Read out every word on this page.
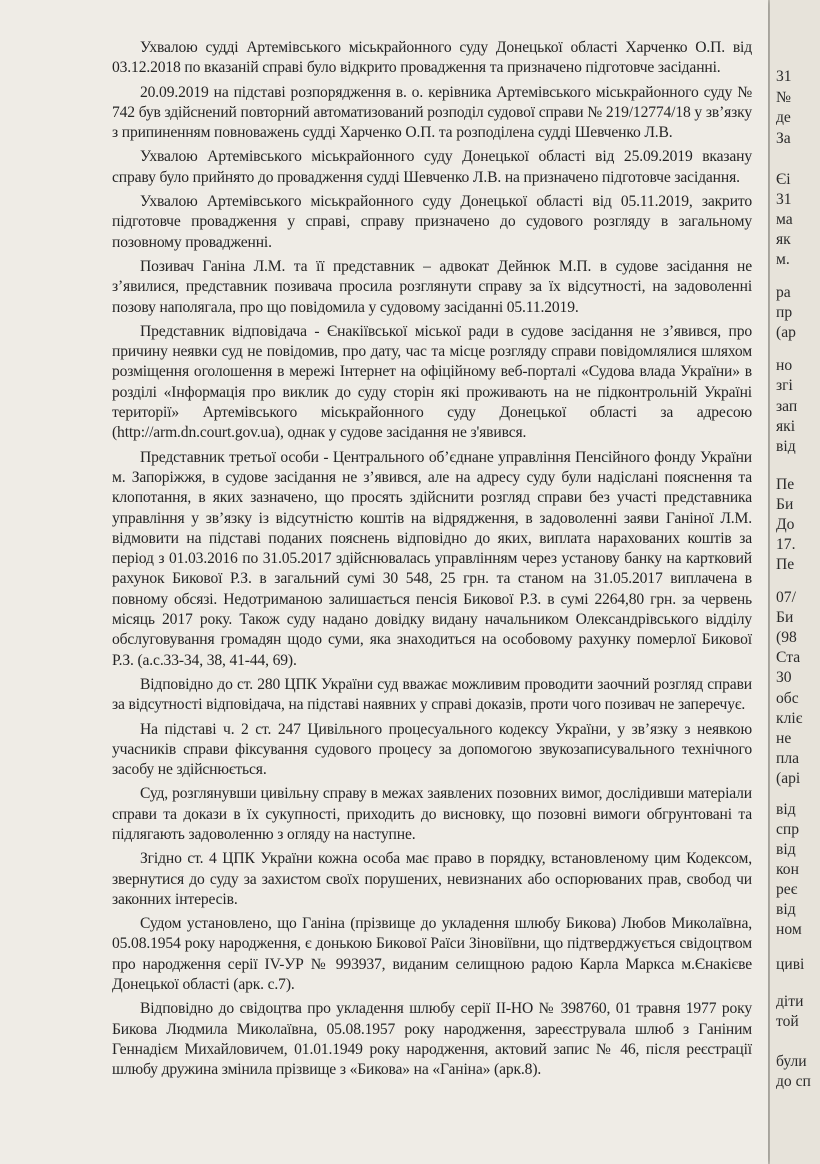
Ухвалою судді Артемівського міськрайонного суду Донецької області Харченко О.П. від 03.12.2018 по вказаній справі було відкрито провадження та призначено підготовче засіданні.

20.09.2019 на підставі розпорядження в. о. керівника Артемівського міськрайонного суду № 742 був здійснений повторний автоматизований розподіл судової справи № 219/12774/18 у зв’язку з припиненням повноважень судді Харченко О.П. та розподілена судді Шевченко Л.В.

Ухвалою Артемівського міськрайонного суду Донецької області від 25.09.2019 вказану справу було прийнято до провадження судді Шевченко Л.В. на призначено підготовче засідання.

Ухвалою Артемівського міськрайонного суду Донецької області від 05.11.2019, закрито підготовче провадження у справі, справу призначено до судового розгляду в загальному позовному провадженні.

Позивач Ганіна Л.М. та її представник – адвокат Дейнюк М.П. в судове засідання не з’явилися, представник позивача просила розглянути справу за їх відсутності, на задоволенні позову наполягала, про що повідомила у судовому засіданні 05.11.2019.

Представник відповідача - Єнакіївської міської ради в судове засідання не з’явився, про причину неявки суд не повідомив, про дату, час та місце розгляду справи повідомлялися шляхом розміщення оголошення в мережі Інтернет на офіційному веб-порталі «Судова влада України» в розділі «Інформація про виклик до суду сторін які проживають на не підконтрольній Україні території» Артемівського міськрайонного суду Донецької області за адресою (http://arm.dn.court.gov.ua), однак у судове засідання не з'явився.

Представник третьої особи - Центрального об’єднане управління Пенсійного фонду України м. Запоріжжя, в судове засідання не з’явився, але на адресу суду були надіслані пояснення та клопотання, в яких зазначено, що просять здійснити розгляд справи без участі представника управління у зв’язку із відсутністю коштів на відрядження, в задоволенні заяви Ганіної Л.М. відмовити на підставі поданих пояснень відповідно до яких, виплата нарахованих коштів за період з 01.03.2016 по 31.05.2017 здійснювалась управлінням через установу банку на картковий рахунок Бикової Р.З. в загальний сумі 30 548, 25 грн. та станом на 31.05.2017 виплачена в повному обсязі. Недотриманою залишається пенсія Бикової Р.З. в сумі 2264,80 грн. за червень місяць 2017 року. Також суду надано довідку видану начальником Олександрівського відділу обслуговування громадян щодо суми, яка знаходиться на особовому рахунку померлої Бикової Р.З. (а.с.33-34, 38, 41-44, 69).

Відповідно до ст. 280 ЦПК України суд вважає можливим проводити заочний розгляд справи за відсутності відповідача, на підставі наявних у справі доказів, проти чого позивач не заперечує.

На підставі ч. 2 ст. 247 Цивільного процесуального кодексу України, у зв’язку з неявкою учасників справи фіксування судового процесу за допомогою звукозаписувального технічного засобу не здійснюється.

Суд, розглянувши цивільну справу в межах заявлених позовних вимог, дослідивши матеріали справи та докази в їх сукупності, приходить до висновку, що позовні вимоги обгрунтовані та підлягають задоволенню з огляду на наступне.

Згідно ст. 4 ЦПК України кожна особа має право в порядку, встановленому цим Кодексом, звернутися до суду за захистом своїх порушених, невизнаних або оспорюваних прав, свобод чи законних інтересів.

Судом установлено, що Ганіна (прізвище до укладення шлюбу Бикова) Любов Миколаївна, 05.08.1954 року народження, є донькою Бикової Раїси Зіновіївни, що підтверджується свідоцтвом про народження серії IV-УР № 993937, виданим селищною радою Карла Маркса м.Єнакієве Донецької області (арк. с.7).

Відповідно до свідоцтва про укладення шлюбу серії II-НО № 398760, 01 травня 1977 року Бикова Людмила Миколаївна, 05.08.1957 року народження, зареєструвала шлюб з Ганіним Геннадієм Михайловичем, 01.01.1949 року народження, актовий запис № 46, після реєстрації шлюбу дружина змінила прізвище з «Бикова» на «Ганіна» (арк.8).

31

№

де

За

Єі

31

ма

як

м.

ра

пр

(ар

но

згі

зап

які

від

Пе

Би

До

17.

Пе

07/

Би

(98

Ста

30

обс

кліє

не

пла

(арі

від

спр

від

кон

реє

від

ном

циві

діти

той

були

до сп
